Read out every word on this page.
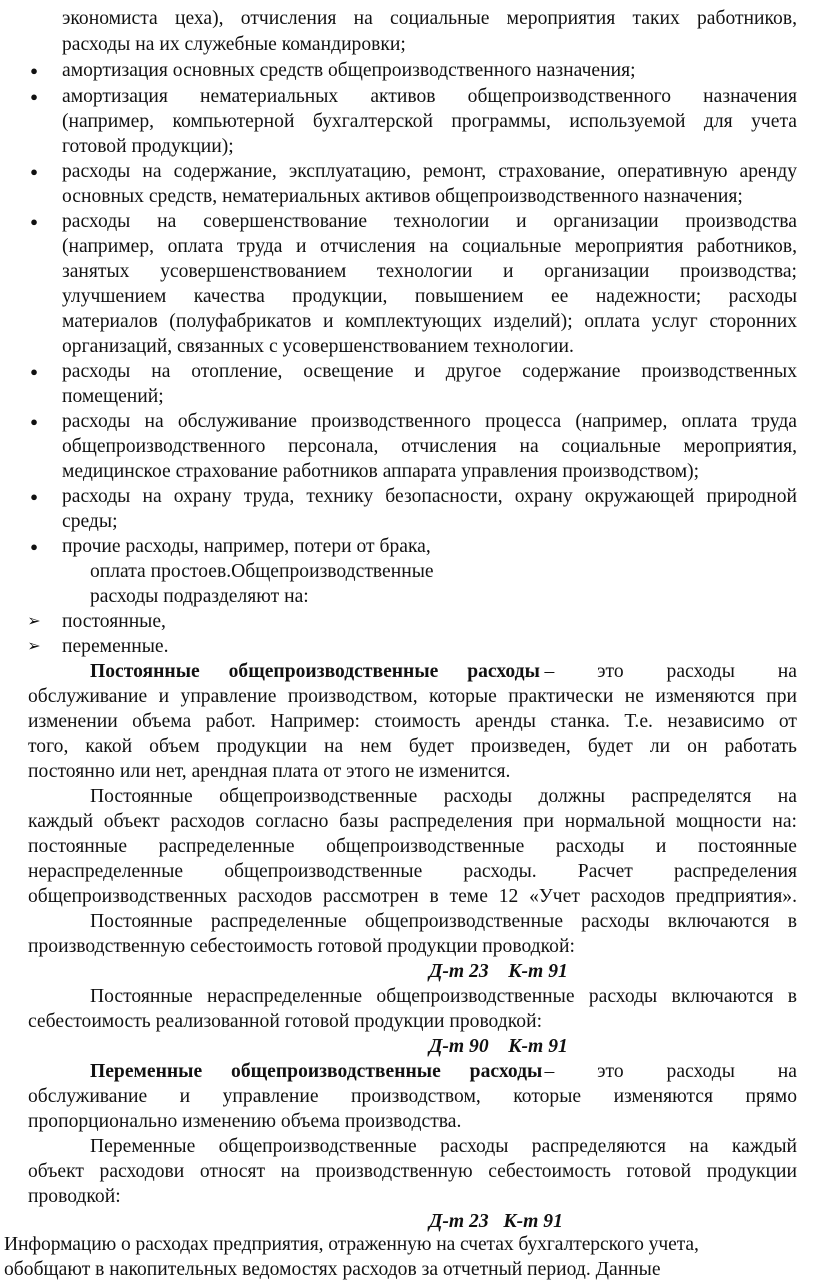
экономиста цеха), отчисления на социальные мероприятия таких работников,
расходы на их служебные командировки;
● амортизация основных средств общепроизводственного назначения;
● амортизация нематериальных активов общепроизводственного назначения
(например, компьютерной бухгалтерской программы, используемой для учета
готовой продукции);
● расходы на содержание, эксплуатацию, ремонт, страхование, оперативную аренду
основных средств, нематериальных активов общепроизводственного назначения;
● расходы на совершенствование технологии и организации производства
(например, оплата труда и отчисления на социальные мероприятия работников,
занятых усовершенствованием технологии и организации производства;
улучшением качества продукции, повышением ее надежности; расходы
материалов (полуфабрикатов и комплектующих изделий); оплата услуг сторонних
организаций, связанных с усовершенствованием технологии.
● расходы на отопление, освещение и другое содержание производственных
помещений;
● расходы на обслуживание производственного процесса (например, оплата труда
общепроизводственного персонала, отчисления на социальные мероприятия,
медицинское страхование работников аппарата управления производством);
● расходы на охрану труда, технику безопасности, охрану окружающей природной
среды;
● прочие расходы, например, потери от брака,
оплата простоев.Общепроизводственные
расходы подразделяют на:
➢ постоянные,
➢ переменные.
Постоянные общепроизводственные расходы – это расходы на
обслуживание и управление производством, которые практически не изменяются при
изменении объема работ. Например: стоимость аренды станка. Т.е. независимо от
того, какой объем продукции на нем будет произведен, будет ли он работать
постоянно или нет, арендная плата от этого не изменится.
Постоянные общепроизводственные расходы должны распределятся на
каждый объект расходов согласно базы распределения при нормальной мощности на:
постоянные распределенные общепроизводственные расходы и постоянные
нераспределенные общепроизводственные расходы. Расчет распределения
общепроизводственных расходов рассмотрен в теме 12 «Учет расходов предприятия».
Постоянные распределенные общепроизводственные расходы включаются в
производственную себестоимость готовой продукции проводкой:
Д-т 23    К-т 91
Постоянные нераспределенные общепроизводственные расходы включаются в
себестоимость реализованной готовой продукции проводкой:
Д-т 90    К-т 91
Переменные общепроизводственные расходы – это расходы на
обслуживание и управление производством, которые изменяются прямо
пропорционально изменению объема производства.
Переменные общепроизводственные расходы распределяются на каждый
объект расходови относят на производственную себестоимость готовой продукции
проводкой:
Д-т 23   К-т 91
Информацию о расходах предприятия, отраженную на счетах бухгалтерского учета,
обобщают в накопительных ведомостях расходов за отчетный период. Данные
